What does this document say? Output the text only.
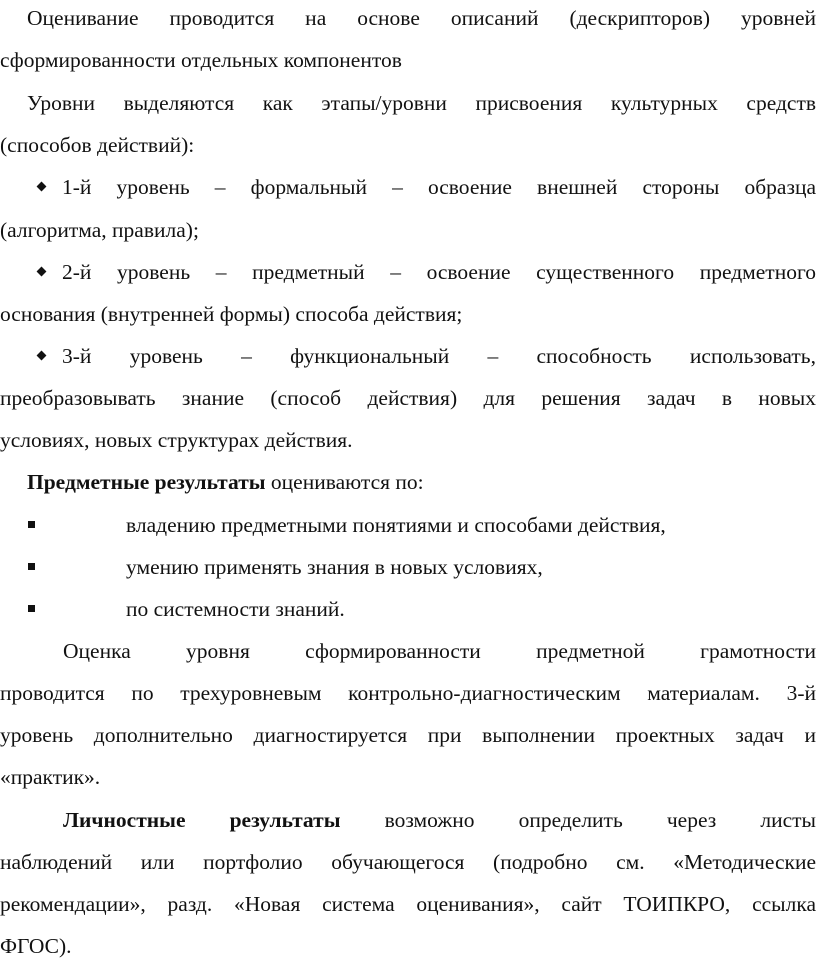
Оценивание проводится на основе описаний (дескрипторов) уровней
сформированности отдельных компонентов
Уровни выделяются как этапы/уровни присвоения культурных средств
(способов действий):
1-й уровень – формальный – освоение внешней стороны образца
(алгоритма, правила);
2-й уровень – предметный – освоение существенного предметного
основания (внутренней формы) способа действия;
3-й уровень – функциональный – способность использовать,
преобразовывать знание (способ действия) для решения задач в новых
условиях, новых структурах действия.
Предметные результаты оцениваются по:
владению предметными понятиями и способами действия,
умению применять знания в новых условиях,
по системности знаний.
Оценка уровня сформированности предметной грамотности
проводится по трехуровневым контрольно-диагностическим материалам. 3-й
уровень дополнительно диагностируется при выполнении проектных задач и
«практик».
Личностные результаты возможно определить через листы
наблюдений или портфолио обучающегося (подробно см. «Методические
рекомендации», разд. «Новая система оценивания», сайт ТОИПКРО, ссылка
ФГОС).
